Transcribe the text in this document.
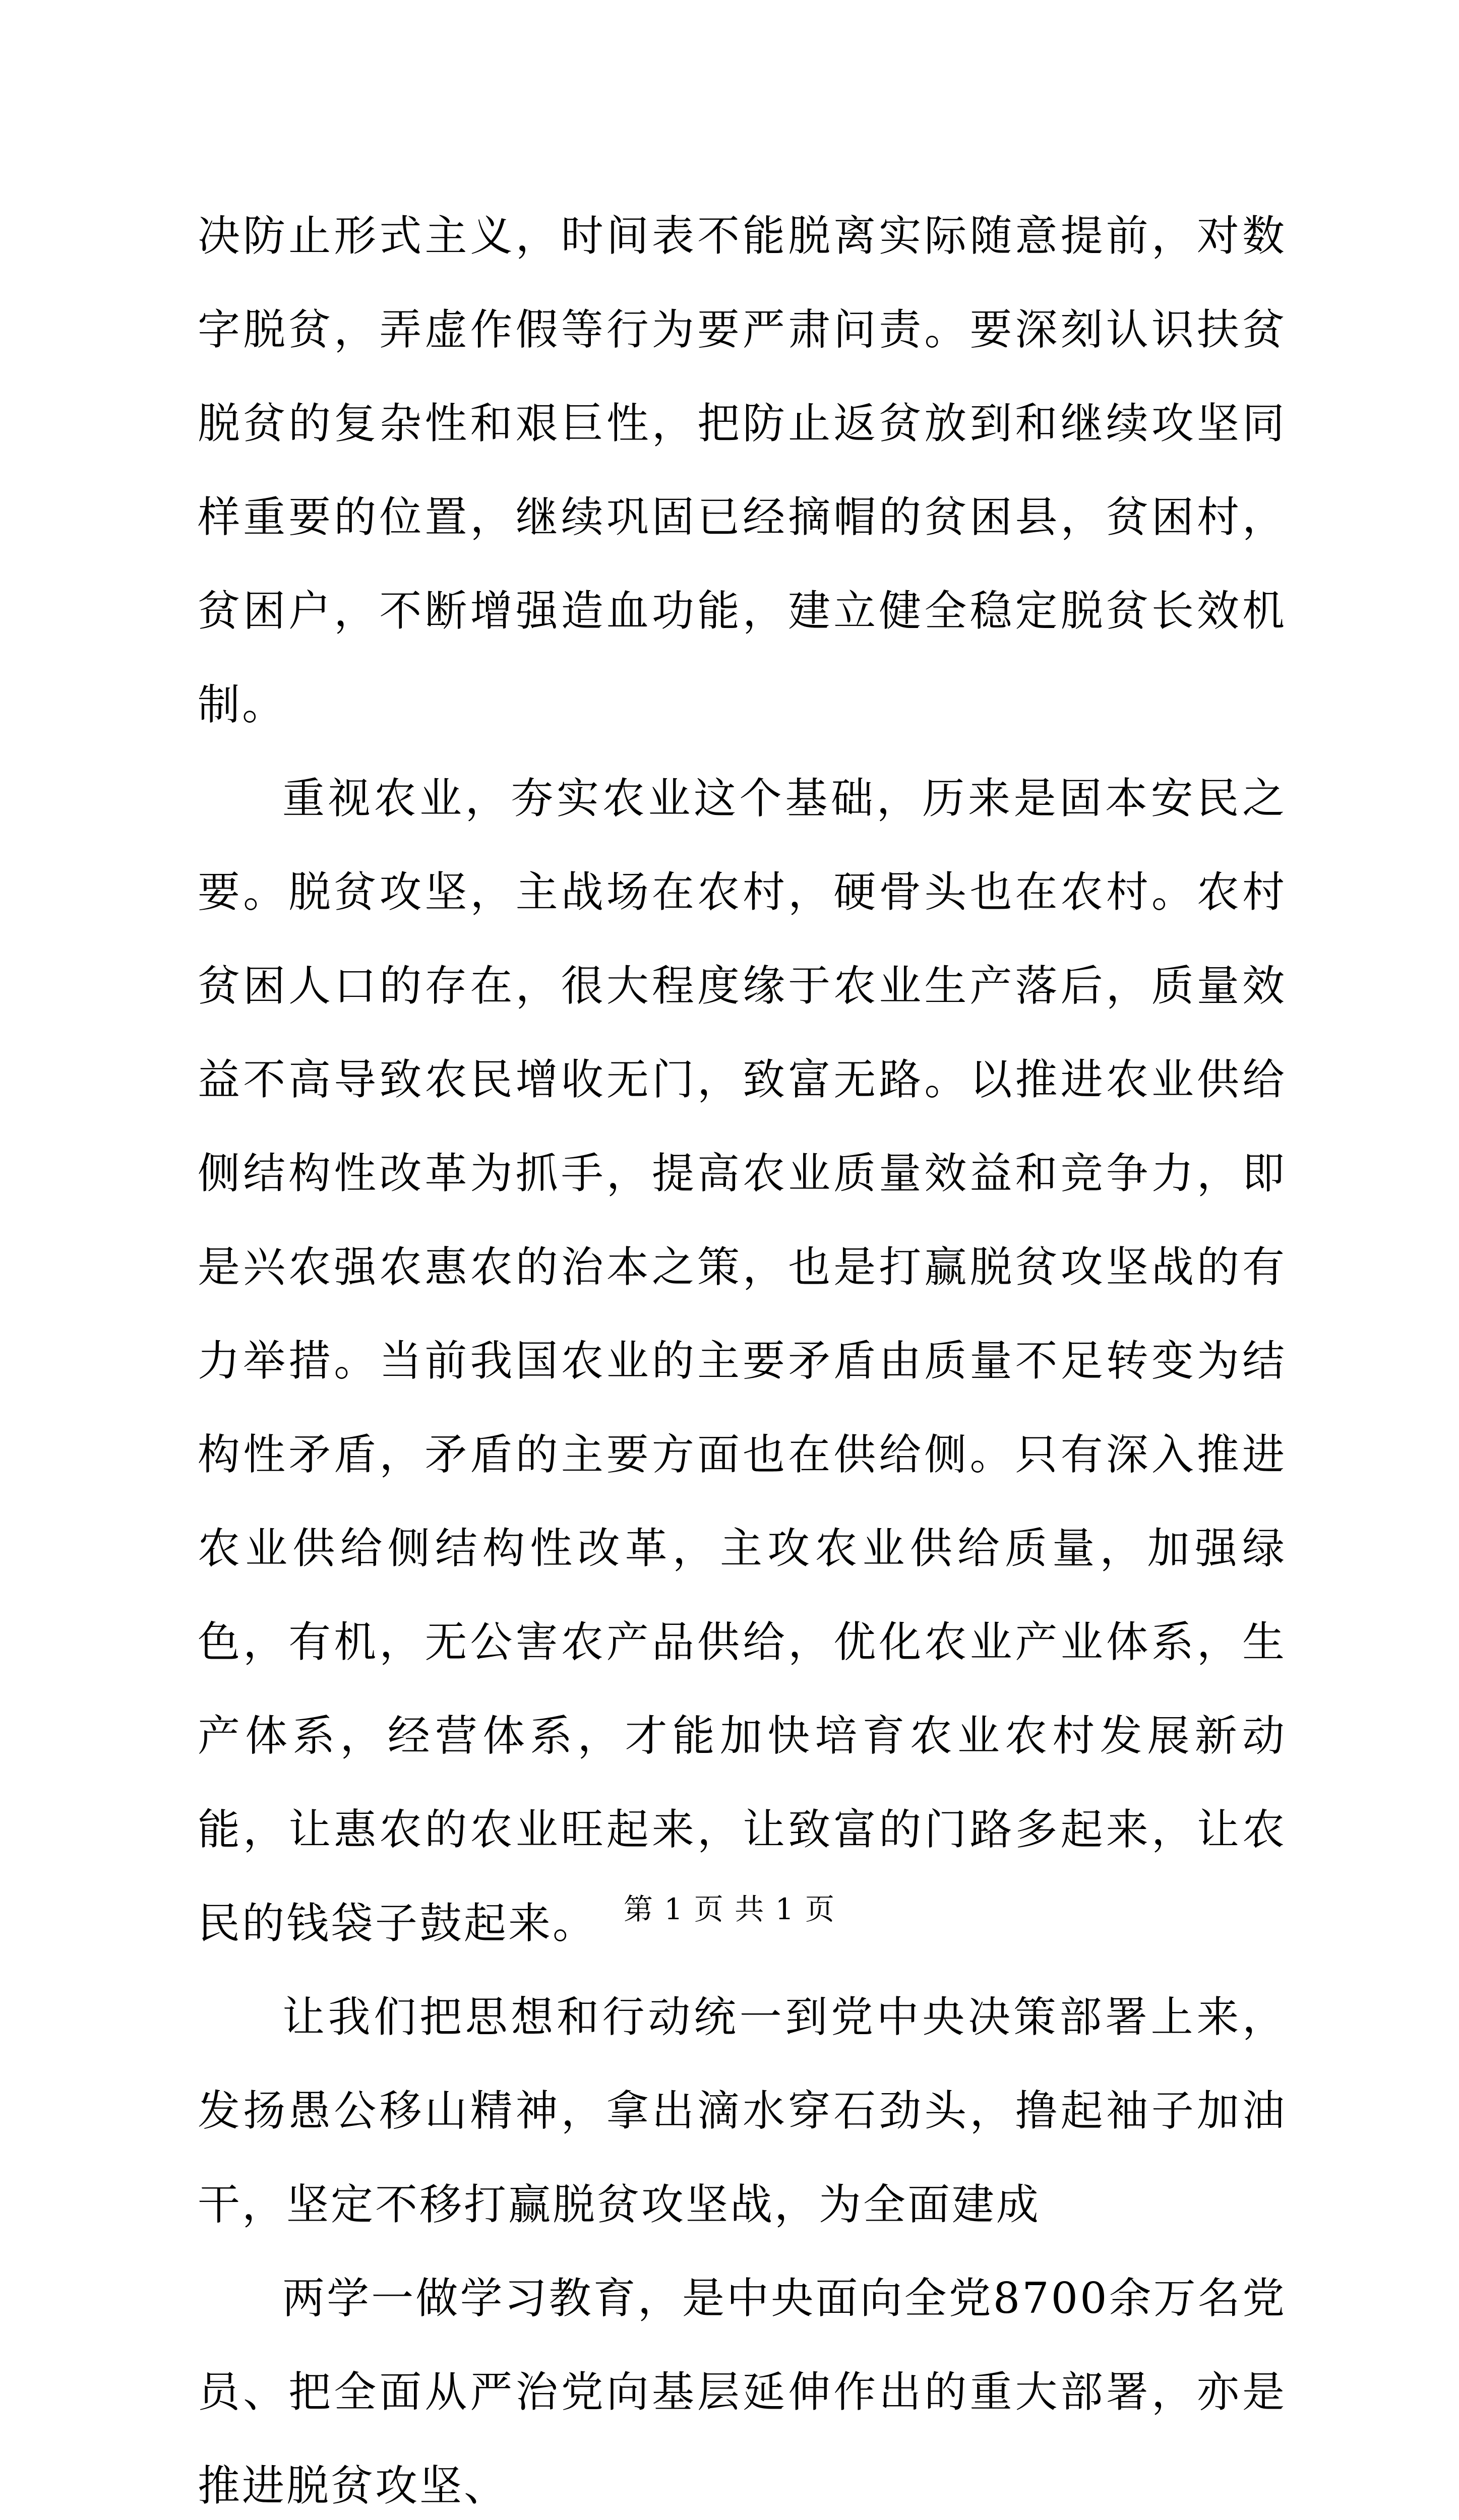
决防止形式主义，时间表不能脱离实际随意提前，对数字脱贫，弄虚作假等行为要严肃问责。要深刻认识扶贫脱贫的复杂性和艰巨性，把防止返贫放到和继续攻坚同样重要的位置，继续巩固已经摘帽的贫困县，贫困村，贫困户，不断增强造血功能，建立健全稳定脱贫长效机制。

重视农业，夯实农业这个基础，历来是固本安民之要。脱贫攻坚，主战场在农村，硬骨头也在农村。农村贫困人口的存在，很大程度缘于农业生产落后，质量效益不高导致农民增收无门，致富无路。以推进农业供给侧结构性改革为抓手，提高农业质量效益和竞争力，即是兴农强农惠农的治本之策，也是打赢脱贫攻坚战的有力举措。当前我国农业的主要矛盾由质量不足转变为结构性矛盾，矛盾的主要方面也在供给侧。只有深入推进农业供给侧结构性改革，主攻农业供给质量，加强绿色，有机，无公害农产品供给，优化农业产业体系，生产体系，经营体系，才能加快培育农业农村发展新动能，让惠农的农业旺起来，让致富的门路多起来，让农民的钱袋子鼓起来。

让我们把思想和行动统一到党中央决策部署上来，发扬愚公移山精神，拿出滴水穿石劲头，撸起袖子加油干，坚定不移打赢脱贫攻坚战，为全面建成

两学一做学习教育，是中央面向全党8700余万名党员、把全面从严治党向基层延伸作出的重大部署，亦是推进脱贫攻坚、

第 1 页 共 1 页
